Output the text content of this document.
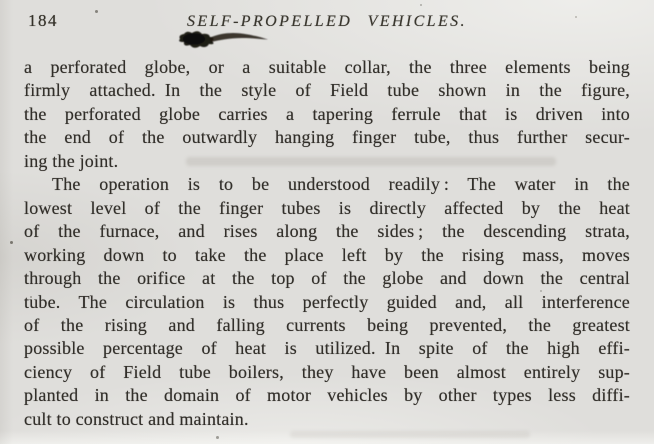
184	SELF-PROPELLED VEHICLES.
a perforated globe, or a suitable collar, the three elements being
firmly attached. In the style of Field tube shown in the figure,
the perforated globe carries a tapering ferrule that is driven into
the end of the outwardly hanging finger tube, thus further secur-
ing the joint.
The operation is to be understood readily : The water in the
lowest level of the finger tubes is directly affected by the heat
of the furnace, and rises along the sides ; the descending strata,
working down to take the place left by the rising mass, moves
through the orifice at the top of the globe and down the central
tube. The circulation is thus perfectly guided and, all interference
of the rising and falling currents being prevented, the greatest
possible percentage of heat is utilized. In spite of the high effi-
ciency of Field tube boilers, they have been almost entirely sup-
planted in the domain of motor vehicles by other types less diffi-
cult to construct and maintain.
